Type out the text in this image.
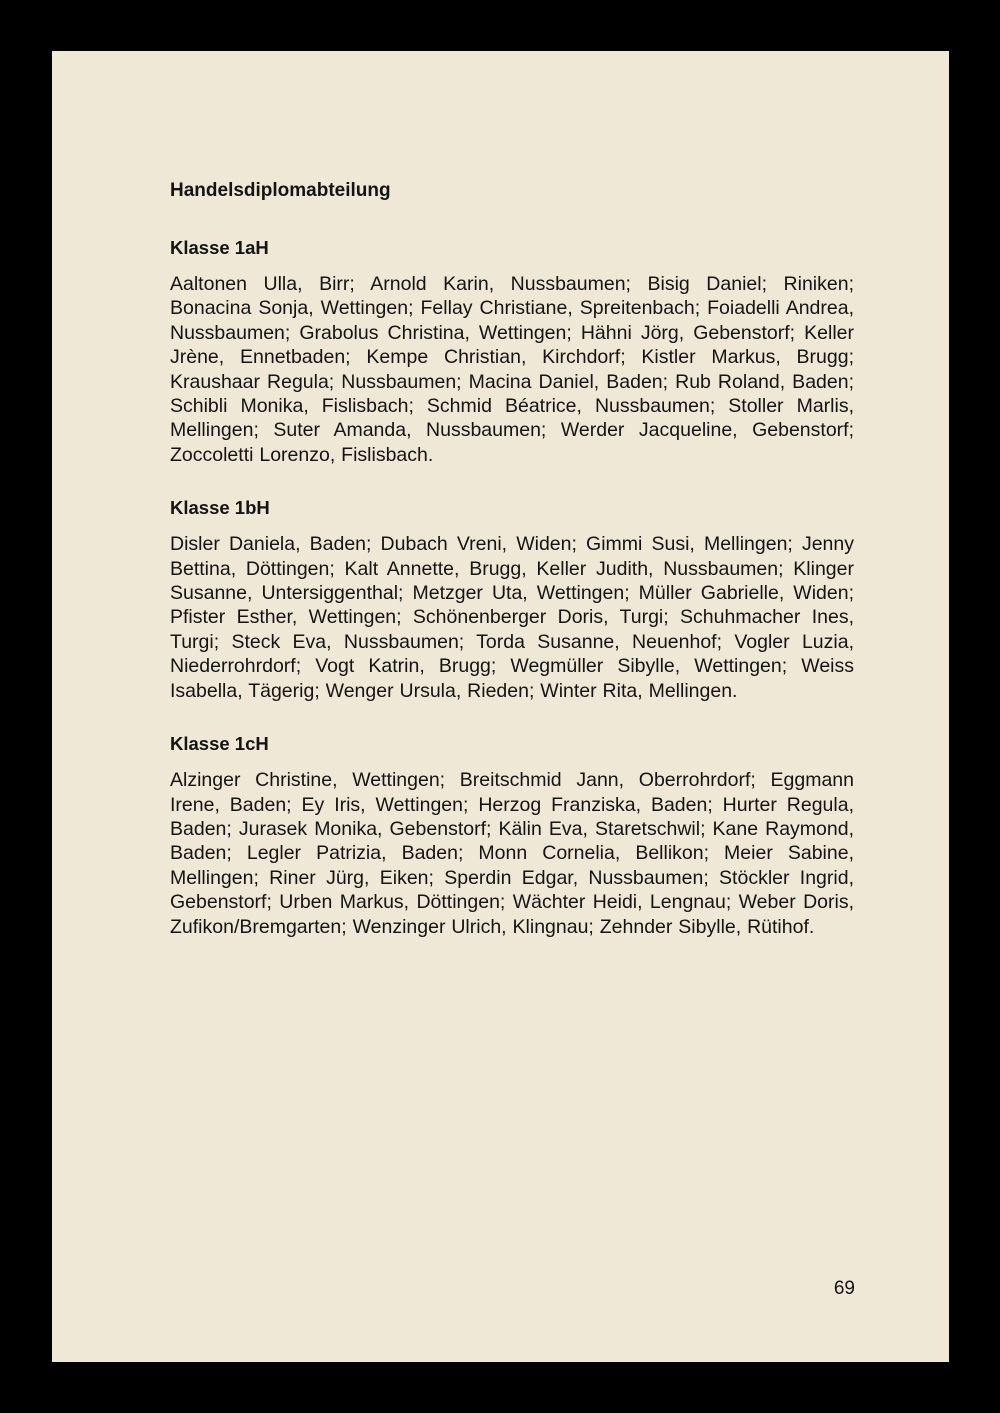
Handelsdiplomabteilung
Klasse 1aH

Aaltonen Ulla, Birr; Arnold Karin, Nussbaumen; Bisig Daniel; Riniken; Bonacina Sonja, Wettingen; Fellay Christiane, Spreitenbach; Foiadelli Andrea, Nussbaumen; Grabolus Christina, Wettingen; Hähni Jörg, Gebenstorf; Keller Jrène, Ennetbaden; Kempe Christian, Kirchdorf; Kistler Markus, Brugg; Kraushaar Regula; Nussbaumen; Macina Daniel, Baden; Rub Roland, Baden; Schibli Monika, Fislisbach; Schmid Béatrice, Nussbaumen; Stoller Marlis, Mellingen; Suter Amanda, Nussbaumen; Werder Jacqueline, Gebenstorf; Zoccoletti Lorenzo, Fislisbach.

Klasse 1bH

Disler Daniela, Baden; Dubach Vreni, Widen; Gimmi Susi, Mellingen; Jenny Bettina, Döttingen; Kalt Annette, Brugg, Keller Judith, Nussbaumen; Klinger Susanne, Untersiggenthal; Metzger Uta, Wettingen; Müller Gabrielle, Widen; Pfister Esther, Wettingen; Schönenberger Doris, Turgi; Schuhmacher Ines, Turgi; Steck Eva, Nussbaumen; Torda Susanne, Neuenhof; Vogler Luzia, Niederrohrdorf; Vogt Katrin, Brugg; Wegmüller Sibylle, Wettingen; Weiss Isabella, Tägerig; Wenger Ursula, Rieden; Winter Rita, Mellingen.

Klasse 1cH

Alzinger Christine, Wettingen; Breitschmid Jann, Oberrohrdorf; Eggmann Irene, Baden; Ey Iris, Wettingen; Herzog Franziska, Baden; Hurter Regula, Baden; Jurasek Monika, Gebenstorf; Kälin Eva, Staretschwil; Kane Raymond, Baden; Legler Patrizia, Baden; Monn Cornelia, Bellikon; Meier Sabine, Mellingen; Riner Jürg, Eiken; Sperdin Edgar, Nussbaumen; Stöckler Ingrid, Gebenstorf; Urben Markus, Döttingen; Wächter Heidi, Lengnau; Weber Doris, Zufikon/Bremgarten; Wenzinger Ulrich, Klingnau; Zehnder Sibylle, Rütihof.

69
